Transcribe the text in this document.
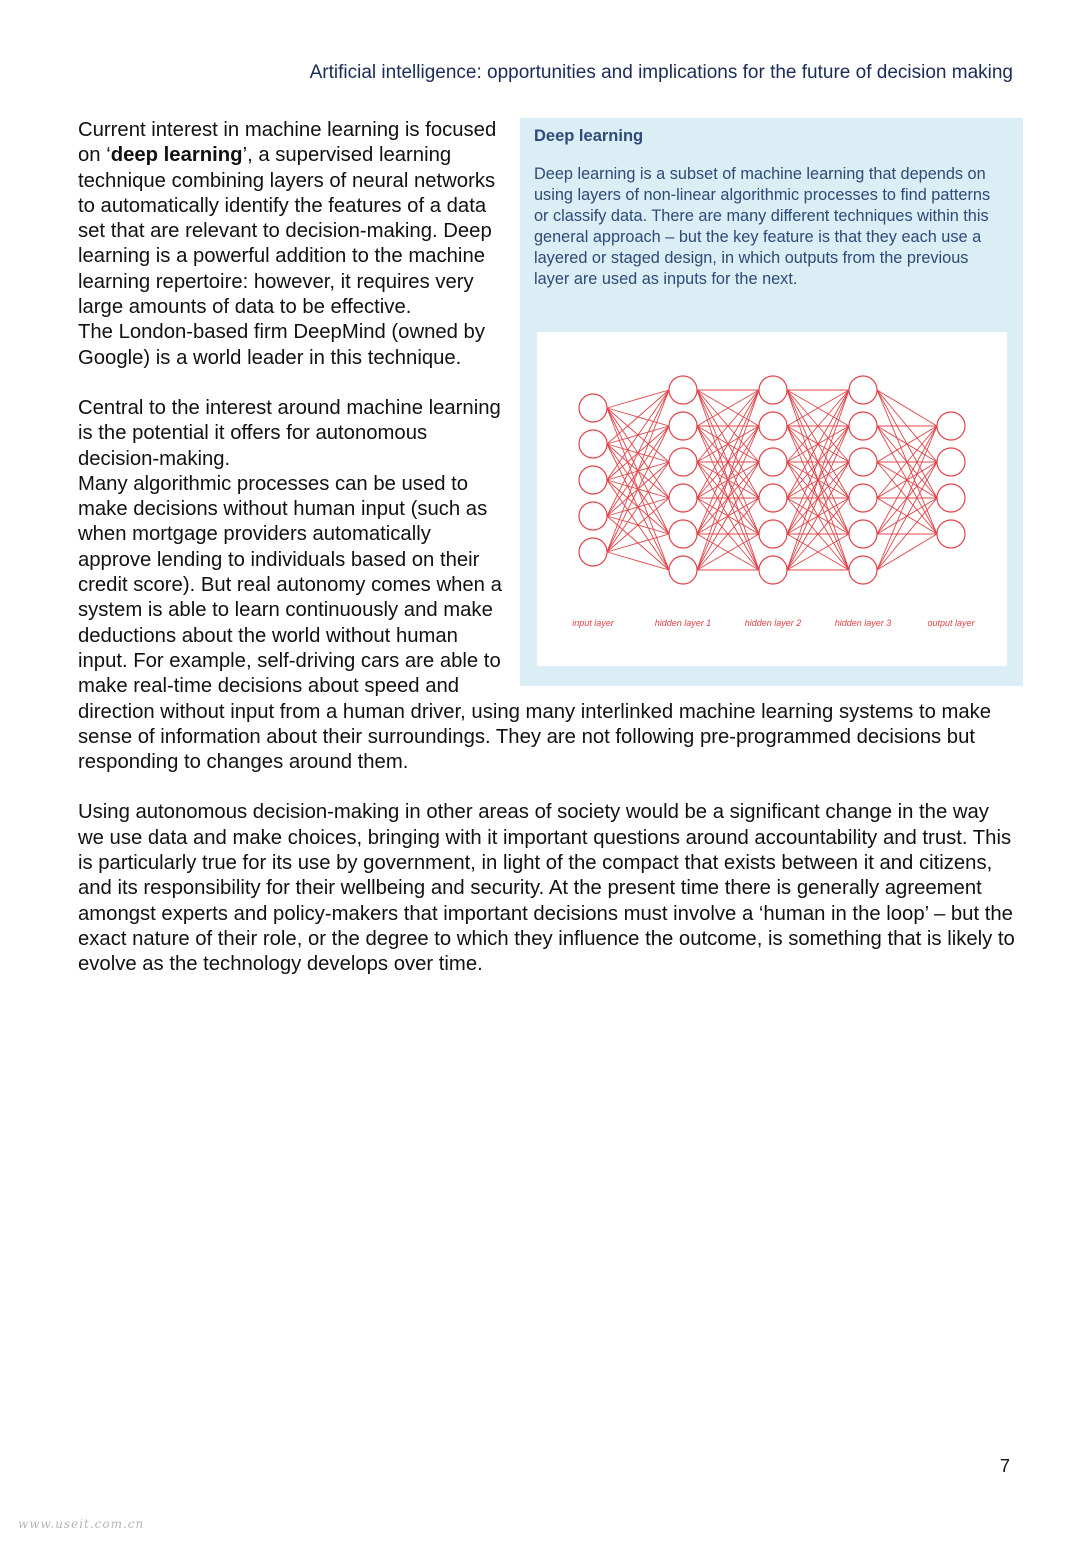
Artificial intelligence: opportunities and implications for the future of decision making
Deep learning
Deep learning is a subset of machine learning that depends on using layers of non-linear algorithmic processes to find patterns or classify data. There are many different techniques within this general approach – but the key feature is that they each use a layered or staged design, in which outputs from the previous layer are used as inputs for the next.
input layer	hidden layer 1	hidden layer 2	hidden layer 3	output layer

Current interest in machine learning is focused on ‘deep learning’, a supervised learning technique combining layers of neural networks to automatically identify the features of a data set that are relevant to decision-making. Deep learning is a powerful addition to the machine learning repertoire: however, it requires very large amounts of data to be effective.
The London-based firm DeepMind (owned by Google) is a world leader in this technique.

Central to the interest around machine learning is the potential it offers for autonomous decision-making.
Many algorithmic processes can be used to make decisions without human input (such as when mortgage providers automatically approve lending to individuals based on their credit score). But real autonomy comes when a system is able to learn continuously and make deductions about the world without human input. For example, self-driving cars are able to make real-time decisions about speed and direction without input from a human driver, using many interlinked machine learning systems to make sense of information about their surroundings. They are not following pre-programmed decisions but responding to changes around them.

Using autonomous decision-making in other areas of society would be a significant change in the way we use data and make choices, bringing with it important questions around accountability and trust. This is particularly true for its use by government, in light of the compact that exists between it and citizens, and its responsibility for their wellbeing and security. At the present time there is generally agreement amongst experts and policy-makers that important decisions must involve a ‘human in the loop’ – but the exact nature of their role, or the degree to which they influence the outcome, is something that is likely to evolve as the technology develops over time.

7
www.useit.com.cn
